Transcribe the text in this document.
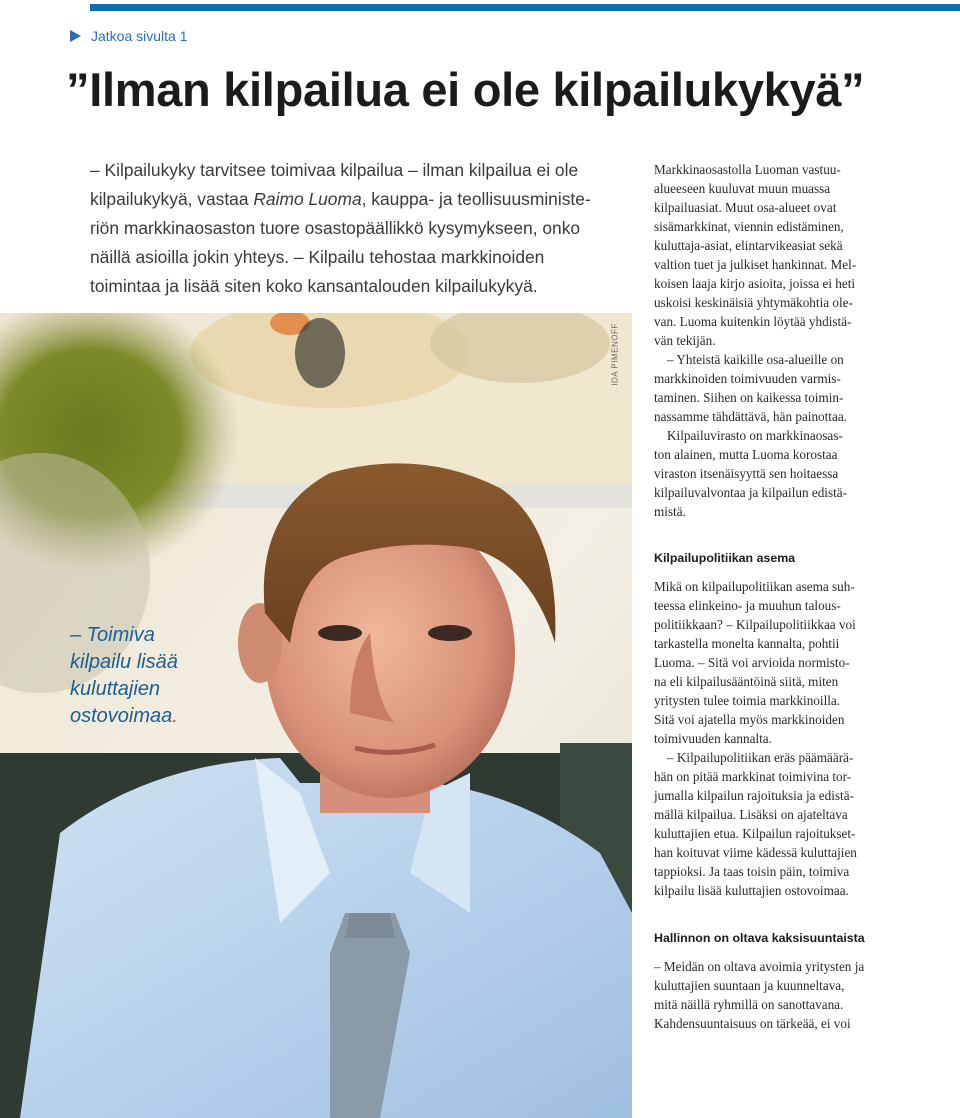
Jatkoa sivulta 1
”Ilman kilpailua ei ole kilpailukykyä”

– Kilpailukyky tarvitsee toimivaa kilpailua – ilman kilpailua ei ole

kilpailukykyä, vastaa Raimo Luoma, kauppa- ja teollisuusministe-

riön markkinaosaston tuore osastopäällikkö kysymykseen, onko

näillä asioilla jokin yhteys. – Kilpailu tehostaa markkinoiden

toimintaa ja lisää siten koko kansantalouden kilpailukykyä.

IDA PIMENOFF

– Toimiva

kilpailu lisää

kuluttajien

ostovoimaa.

Markkinaosastolla Luoman vastuu-

alueeseen kuuluvat muun muassa

kilpailuasiat. Muut osa-alueet ovat

sisämarkkinat, viennin edistäminen,

kuluttaja-asiat, elintarvikeasiat sekä

valtion tuet ja julkiset hankinnat. Mel-

koisen laaja kirjo asioita, joissa ei heti

uskoisi keskinäisiä yhtymäkohtia ole-

van. Luoma kuitenkin löytää yhdistä-

vän tekijän.

– Yhteistä kaikille osa-alueille on

markkinoiden toimivuuden varmis-

taminen. Siihen on kaikessa toimin-

nassamme tähdättävä, hän painottaa.

Kilpailuvirasto on markkinaosas-

ton alainen, mutta Luoma korostaa

viraston itsenäisyyttä sen hoitaessa

kilpailuvalvontaa ja kilpailun edistä-

mistä.

Kilpailupolitiikan asema

Mikä on kilpailupolitiikan asema suh-

teessa elinkeino- ja muuhun talous-

politiikkaan? – Kilpailupolitiikkaa voi

tarkastella monelta kannalta, pohtii

Luoma. – Sitä voi arvioida normisto-

na eli kilpailusääntöinä siitä, miten

yritysten tulee toimia markkinoilla.

Sitä voi ajatella myös markkinoiden

toimivuuden kannalta.

– Kilpailupolitiikan eräs päämäärä-

hän on pitää markkinat toimivina tor-

jumalla kilpailun rajoituksia ja edistä-

mällä kilpailua. Lisäksi on ajateltava

kuluttajien etua. Kilpailun rajoitukset-

han koituvat viime kädessä kuluttajien

tappioksi. Ja taas toisin päin, toimiva

kilpailu lisää kuluttajien ostovoimaa.

Hallinnon on oltava kaksisuuntaista

– Meidän on oltava avoimia yritysten ja

kuluttajien suuntaan ja kuunneltava,

mitä näillä ryhmillä on sanottavana.

Kahdensuuntaisuus on tärkeää, ei voi
